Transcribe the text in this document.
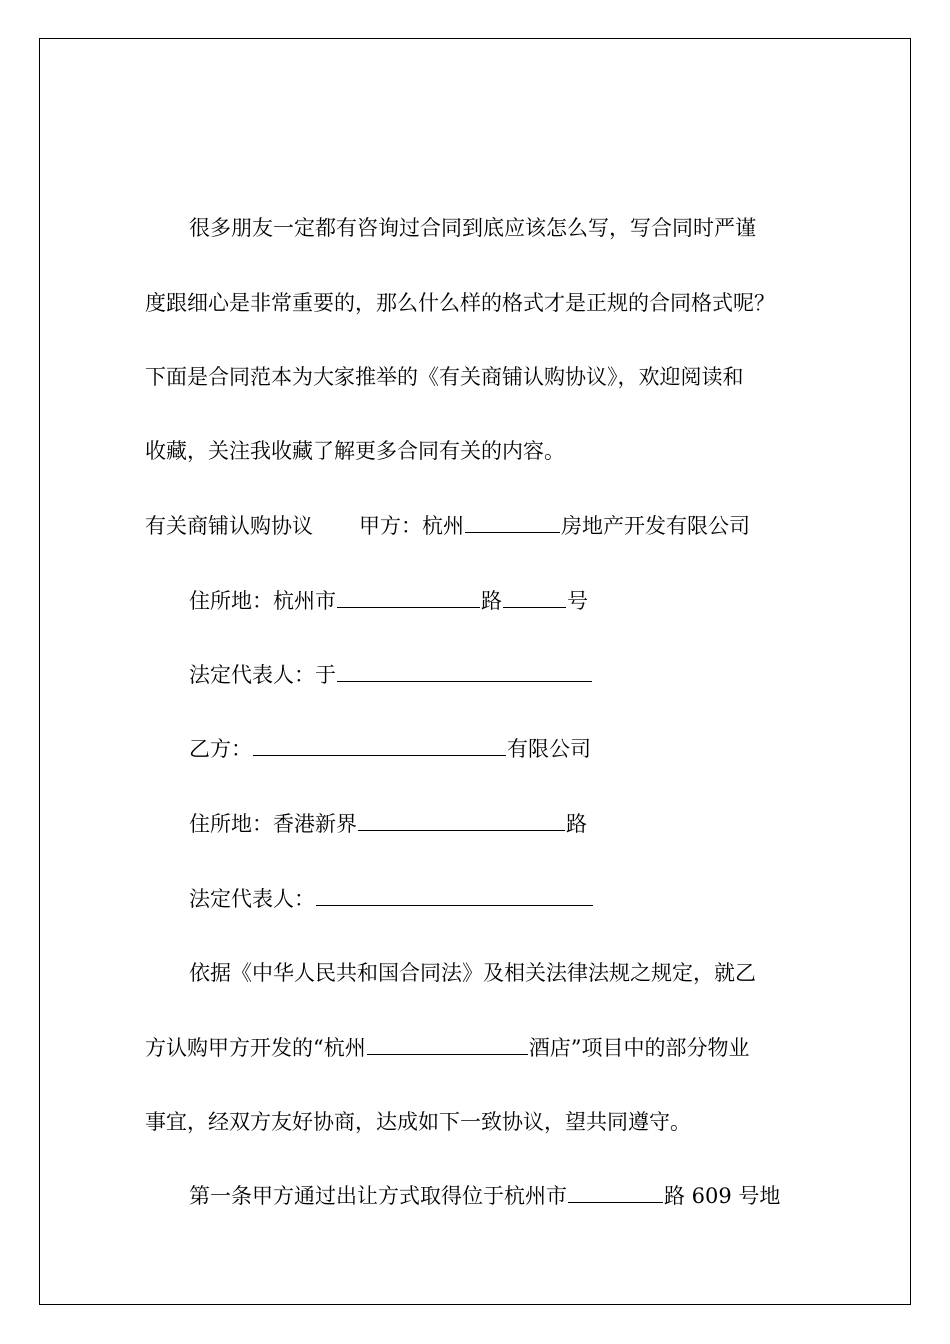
很多朋友一定都有咨询过合同到底应该怎么写，写合同时严谨
度跟细心是非常重要的，那么什么样的格式才是正规的合同格式呢？
下面是合同范本为大家推举的《有关商铺认购协议》，欢迎阅读和
收藏，关注我收藏了解更多合同有关的内容。
有关商铺认购协议 甲方：杭州	房地产开发有限公司
住所地：杭州市	路	号
法定代表人：于
乙方：	有限公司
住所地：香港新界	路
法定代表人：
依据《中华人民共和国合同法》及相关法律法规之规定，就乙
方认购甲方开发的“杭州	酒店”项目中的部分物业
事宜，经双方友好协商，达成如下一致协议，望共同遵守。
第一条甲方通过出让方式取得位于杭州市	路 609 号地
